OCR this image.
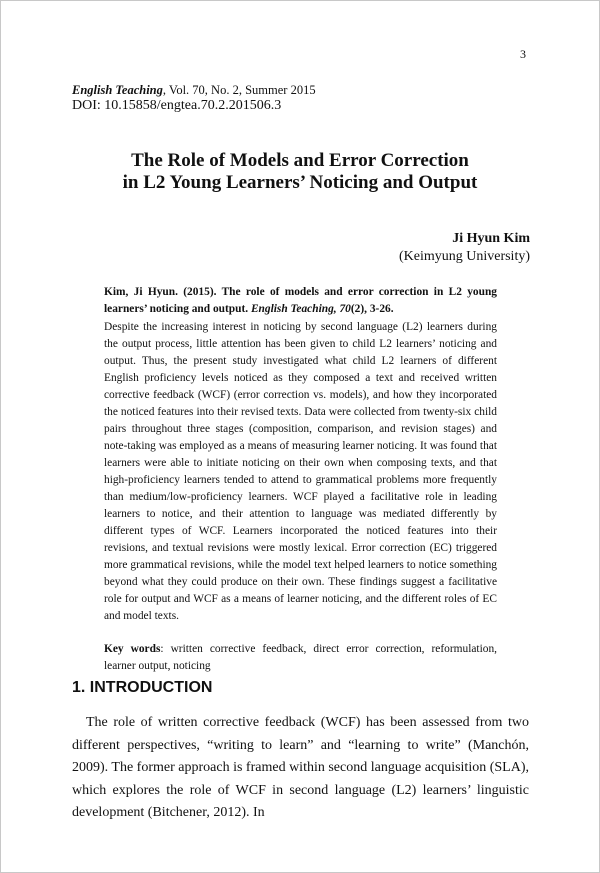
3
English Teaching, Vol. 70, No. 2, Summer 2015
DOI: 10.15858/engtea.70.2.201506.3
The Role of Models and Error Correction
in L2 Young Learners’ Noticing and Output
Ji Hyun Kim
(Keimyung University)

Kim, Ji Hyun. (2015). The role of models and error correction in L2 young learners’ noticing and output. English Teaching, 70(2), 3-26.

Despite the increasing interest in noticing by second language (L2) learners during the output process, little attention has been given to child L2 learners’ noticing and output. Thus, the present study investigated what child L2 learners of different English proficiency levels noticed as they composed a text and received written corrective feedback (WCF) (error correction vs. models), and how they incorporated the noticed features into their revised texts. Data were collected from twenty-six child pairs throughout three stages (composition, comparison, and revision stages) and note-taking was employed as a means of measuring learner noticing. It was found that learners were able to initiate noticing on their own when composing texts, and that high-proficiency learners tended to attend to grammatical problems more frequently than medium/low-proficiency learners. WCF played a facilitative role in leading learners to notice, and their attention to language was mediated differently by different types of WCF. Learners incorporated the noticed features into their revisions, and textual revisions were mostly lexical. Error correction (EC) triggered more grammatical revisions, while the model text helped learners to notice something beyond what they could produce on their own. These findings suggest a facilitative role for output and WCF as a means of learner noticing, and the different roles of EC and model texts.

Key words: written corrective feedback, direct error correction, reformulation, learner output, noticing
1. INTRODUCTION

The role of written corrective feedback (WCF) has been assessed from two different perspectives, “writing to learn” and “learning to write” (Manchón, 2009). The former approach is framed within second language acquisition (SLA), which explores the role of WCF in second language (L2) learners’ linguistic development (Bitchener, 2012). In
